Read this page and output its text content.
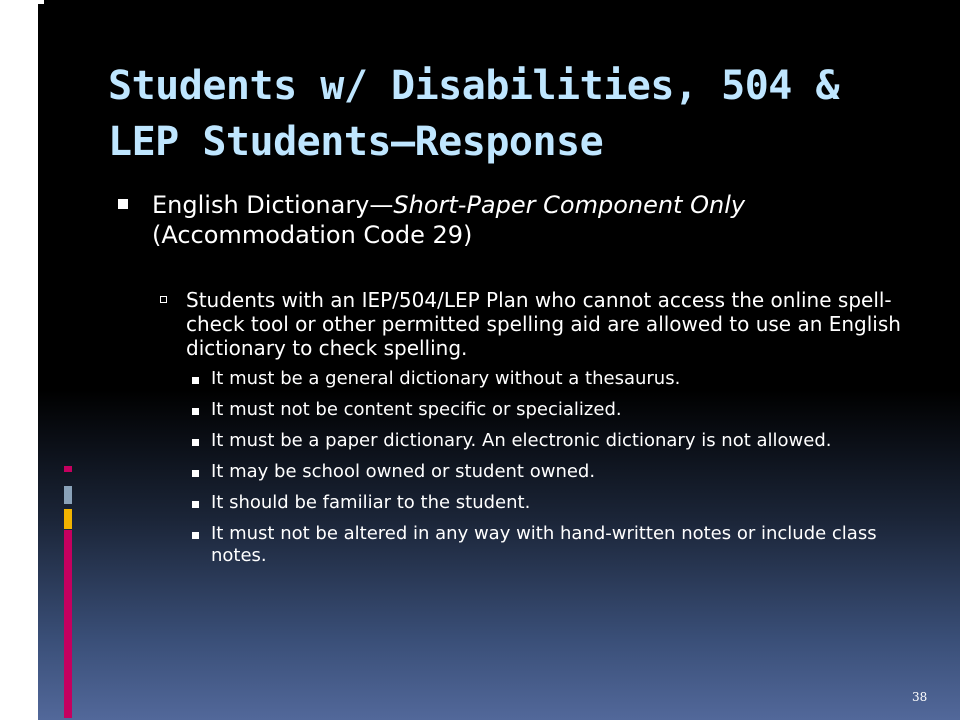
Students w/ Disabilities, 504 & LEP Students—Response

English Dictionary—Short-Paper Component Only
(Accommodation Code 29)

Students with an IEP/504/LEP Plan who cannot access the online spell-check tool or other permitted spelling aid are allowed to use an English dictionary to check spelling.

It must be a general dictionary without a thesaurus.

It must not be content specific or specialized.

It must be a paper dictionary. An electronic dictionary is not allowed.

It may be school owned or student owned.

It should be familiar to the student.

It must not be altered in any way with hand-written notes or include class notes.

38
